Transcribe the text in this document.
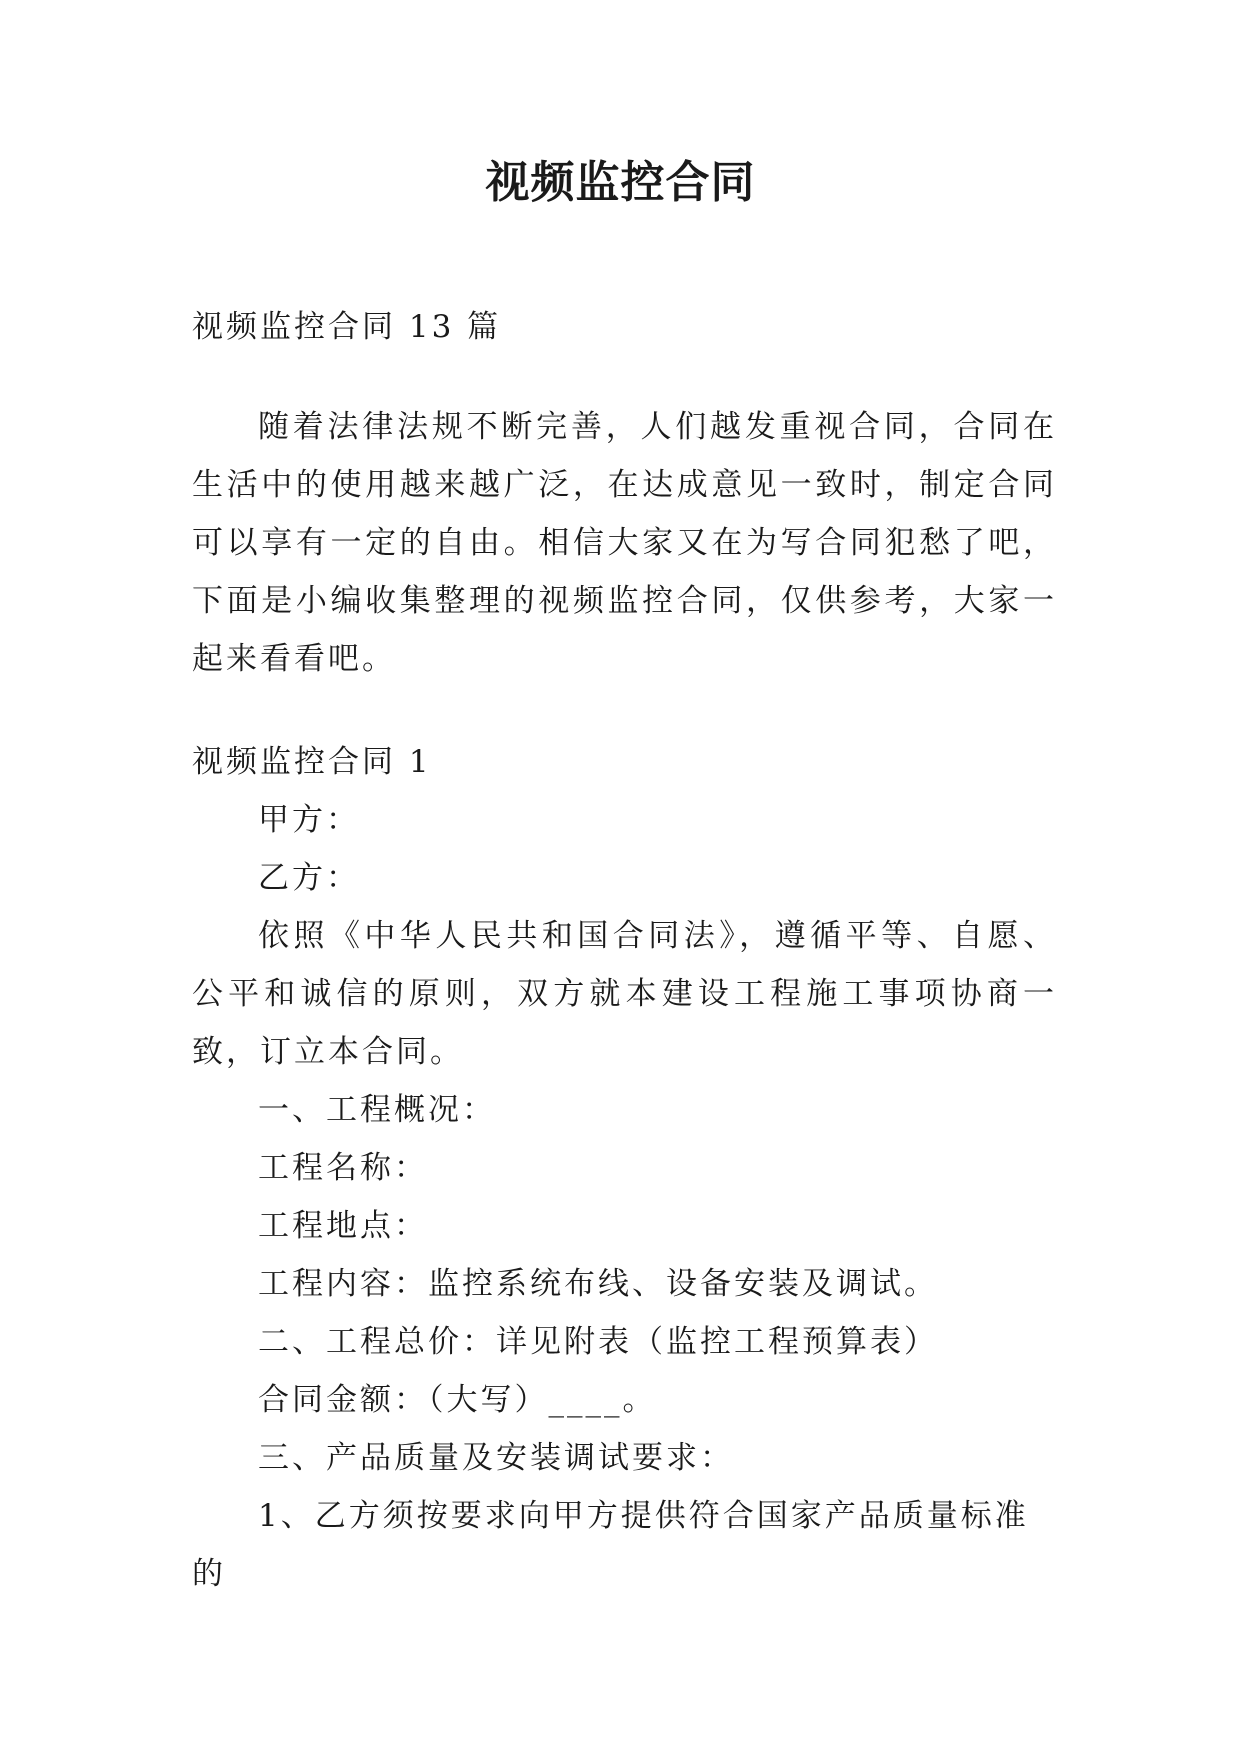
视频监控合同

视频监控合同 13 篇

随着法律法规不断完善，人们越发重视合同，合同在生活中的使用越来越广泛，在达成意见一致时，制定合同可以享有一定的自由。相信大家又在为写合同犯愁了吧，下面是小编收集整理的视频监控合同，仅供参考，大家一起来看看吧。

视频监控合同 1

甲方：

乙方：

依照《中华人民共和国合同法》，遵循平等、自愿、公平和诚信的原则，双方就本建设工程施工事项协商一致，订立本合同。

一、工程概况：

工程名称：

工程地点：

工程内容：监控系统布线、设备安装及调试。

二、工程总价：详见附表（监控工程预算表）

合同金额：（大写）____。

三、产品质量及安装调试要求：

1、乙方须按要求向甲方提供符合国家产品质量标准的
